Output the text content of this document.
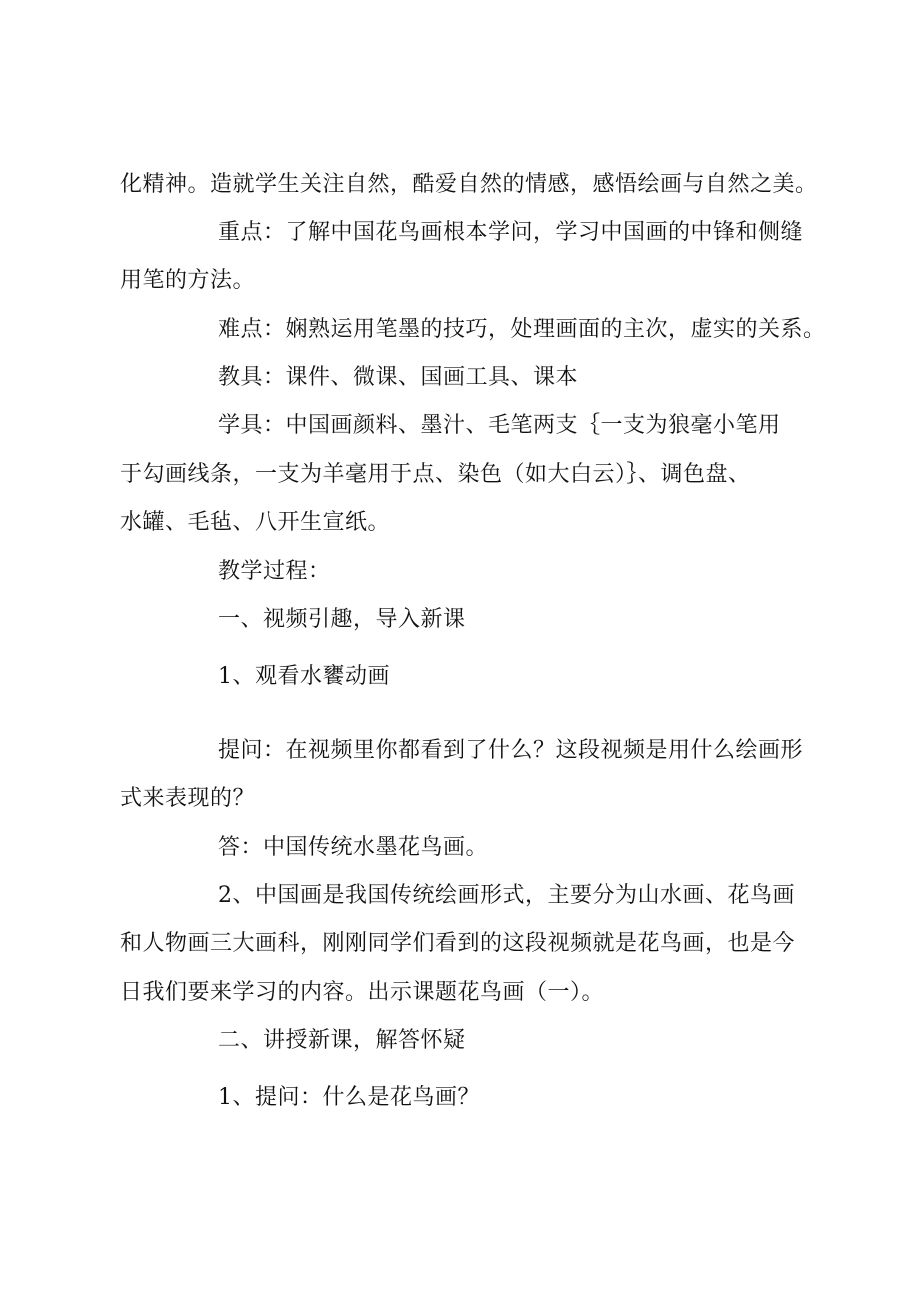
化精神。造就学生关注自然，酷爱自然的情感，感悟绘画与自然之美。
重点：了解中国花鸟画根本学问，学习中国画的中锋和侧缝
用笔的方法。
难点：娴熟运用笔墨的技巧，处理画面的主次，虚实的关系。
教具：课件、微课、国画工具、课本
学具：中国画颜料、墨汁、毛笔两支｛一支为狼毫小笔用
于勾画线条，一支为羊毫用于点、染色（如大白云）｝、调色盘、
水罐、毛毡、八开生宣纸。
教学过程：
一、视频引趣，导入新课
1、观看水饔动画
提问：在视频里你都看到了什么？这段视频是用什么绘画形
式来表现的？
答：中国传统水墨花鸟画。
2、中国画是我国传统绘画形式，主要分为山水画、花鸟画
和人物画三大画科，刚刚同学们看到的这段视频就是花鸟画，也是今
日我们要来学习的内容。出示课题花鸟画（一）。
二、讲授新课，解答怀疑
1、提问：什么是花鸟画？
